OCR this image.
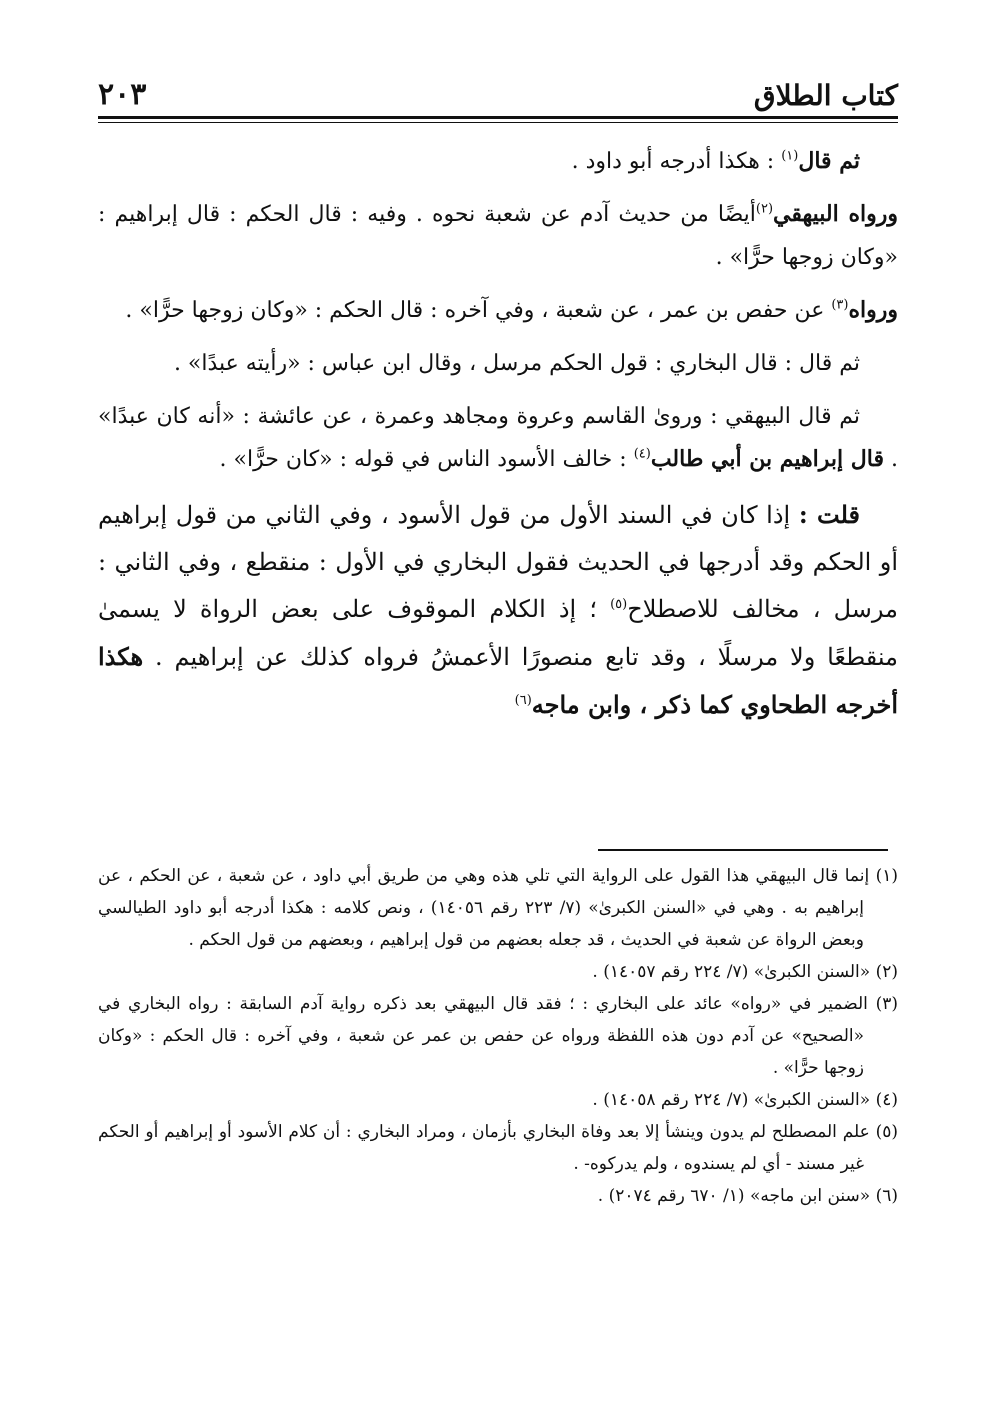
٢٠٣	كتاب الطلاق

ثم قال$^{(١)}$ : هكذا أدرجه أبو داود .

ورواه البيهقي$^{(٢)}$أيضًا من حديث آدم عن شعبة نحوه . وفيه : قال الحكم : قال إبراهيم : «وكان زوجها حرًّا» .

ورواه$^{(٣)}$ عن حفص بن عمر ، عن شعبة ، وفي آخره : قال الحكم : «وكان زوجها حرًّا» .

ثم قال : قال البخاري : قول الحكم مرسل ، وقال ابن عباس : «رأيته عبدًا» .

ثم قال البيهقي : وروىٰ القاسم وعروة ومجاهد وعمرة ، عن عائشة : «أنه كان عبدًا» . قال إبراهيم بن أبي طالب$^{(٤)}$ : خالف الأسود الناس في قوله : «كان حرًّا» .

قلت : إذا كان في السند الأول من قول الأسود ، وفي الثاني من قول إبراهيم أو الحكم وقد أدرجها في الحديث فقول البخاري في الأول : منقطع ، وفي الثاني : مرسل ، مخالف للاصطلاح$^{(٥)}$ ؛ إذ الكلام الموقوف على بعض الرواة لا يسمىٰ منقطعًا ولا مرسلًا ، وقد تابع منصورًا الأعمشُ فرواه كذلك عن إبراهيم . هكذا أخرجه الطحاوي كما ذكر ، وابن ماجه$^{(٦)}$

(١) إنما قال البيهقي هذا القول على الرواية التي تلي هذه وهي من طريق أبي داود ، عن شعبة ، عن الحكم ، عن إبراهيم به . وهي في «السنن الكبرىٰ» (٧/ ٢٢٣ رقم ١٤٠٥٦) ، ونص كلامه : هكذا أدرجه أبو داود الطيالسي وبعض الرواة عن شعبة في الحديث ، قد جعله بعضهم من قول إبراهيم ، وبعضهم من قول الحكم .

(٢) «السنن الكبرىٰ» (٧/ ٢٢٤ رقم ١٤٠٥٧) .

(٣) الضمير في «رواه» عائد على البخاري : ؛ فقد قال البيهقي بعد ذكره رواية آدم السابقة : رواه البخاري في «الصحيح» عن آدم دون هذه اللفظة ورواه عن حفص بن عمر عن شعبة ، وفي آخره : قال الحكم : «وكان زوجها حرًّا» .

(٤) «السنن الكبرىٰ» (٧/ ٢٢٤ رقم ١٤٠٥٨) .

(٥) علم المصطلح لم يدون وينشأ إلا بعد وفاة البخاري بأزمان ، ومراد البخاري : أن كلام الأسود أو إبراهيم أو الحكم غير مسند - أي لم يسندوه ، ولم يدركوه- .

(٦) «سنن ابن ماجه» (١/ ٦٧٠ رقم ٢٠٧٤) .
